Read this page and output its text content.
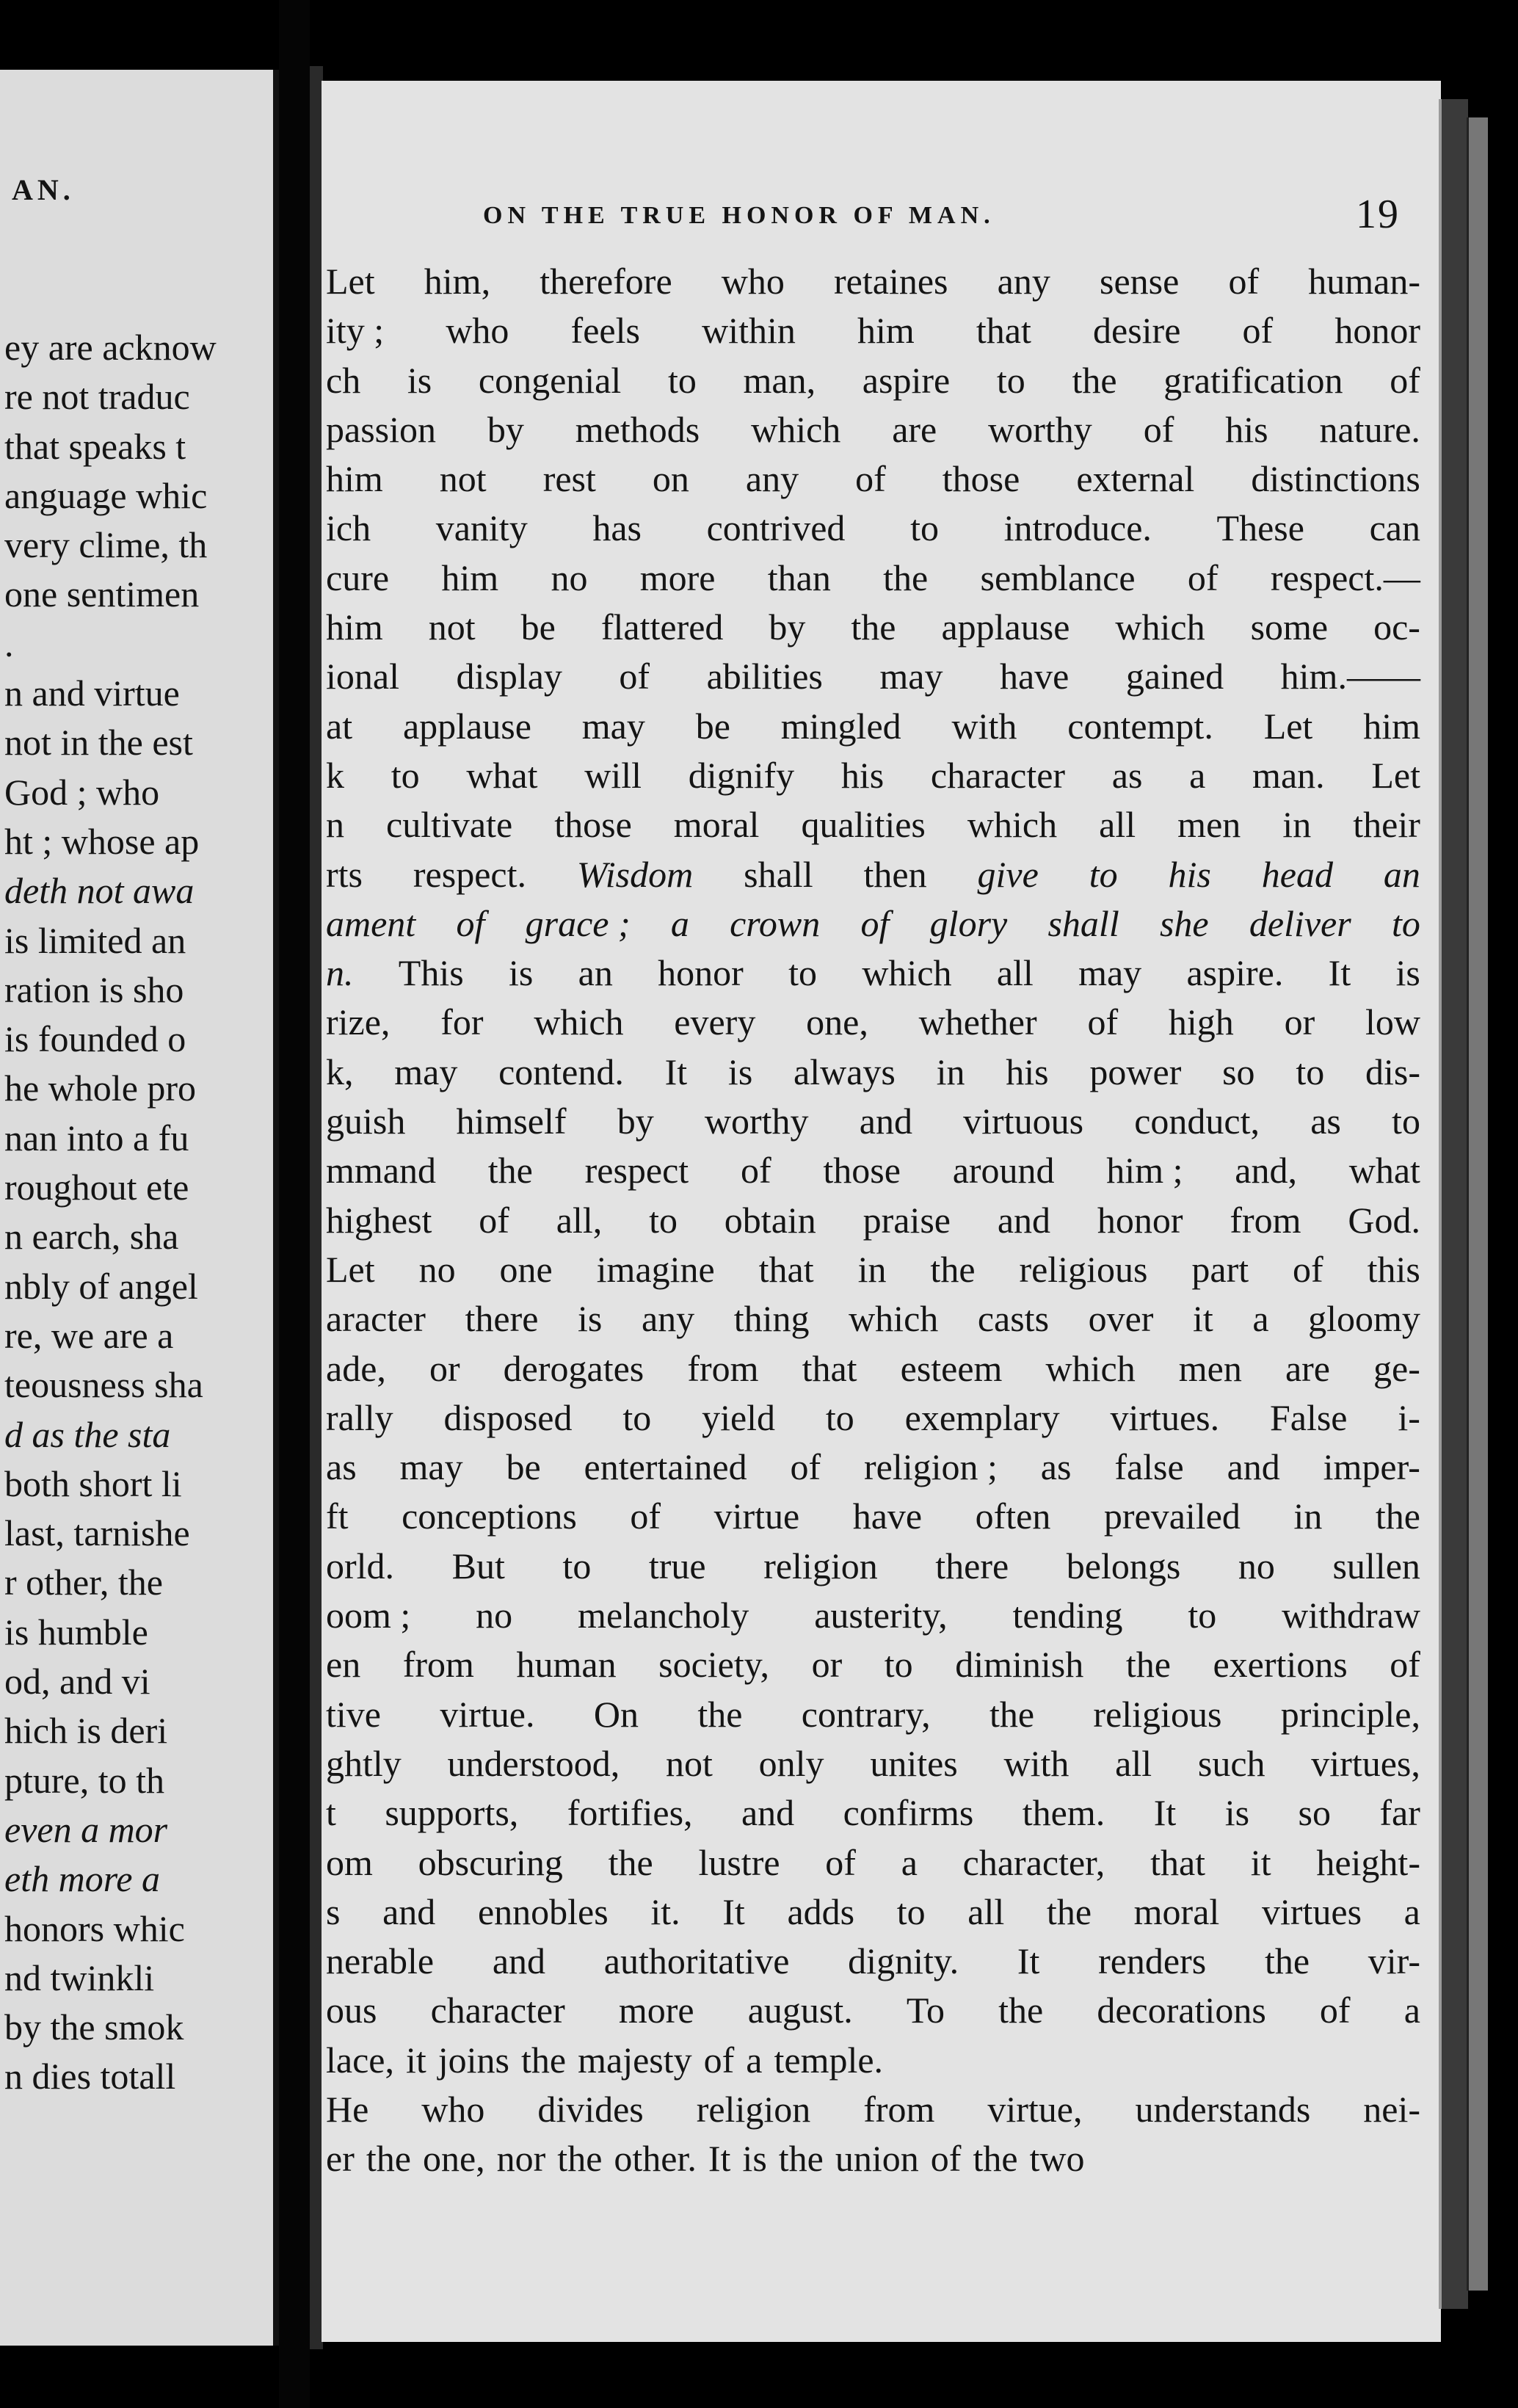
AN.
ey are acknow
re not traduc
that speaks t
anguage whic
very clime, th
one sentimen
.
n and virtue
not in the est
God ; who
ht ; whose ap
deth not awa
is limited an
ration is sho
is founded o
he whole pro
nan into a fu
roughout ete
n earch, sha
nbly of angel
re, we are a
teousness sha
d as the sta
both short li
last, tarnishe
r other, the
is humble
od, and vi
hich is deri
pture, to th
even a mor
eth more a
honors whic
nd twinkli
by the smok
n dies totall
ON THE TRUE HONOR OF MAN.	19
Let him, therefore who retaines any sense of human-
ity ; who feels within him that desire of honor
ch is congenial to man, aspire to the gratification of
passion by methods which are worthy of his nature.
him not rest on any of those external distinctions
ich vanity has contrived to introduce. These can
cure him no more than the semblance of respect.—
him not be flattered by the applause which some oc-
ional display of abilities may have gained him.——
at applause may be mingled with contempt. Let him
k to what will dignify his character as a man. Let
n cultivate those moral qualities which all men in their
rts respect. Wisdom shall then give to his head an
ament of grace ; a crown of glory shall she deliver to
n. This is an honor to which all may aspire. It is
rize, for which every one, whether of high or low
k, may contend. It is always in his power so to dis-
guish himself by worthy and virtuous conduct, as to
mmand the respect of those around him ; and, what
highest of all, to obtain praise and honor from God.
Let no one imagine that in the religious part of this
aracter there is any thing which casts over it a gloomy
ade, or derogates from that esteem which men are ge-
rally disposed to yield to exemplary virtues. False i-
as may be entertained of religion ; as false and imper-
ft conceptions of virtue have often prevailed in the
orld. But to true religion there belongs no sullen
oom ; no melancholy austerity, tending to withdraw
en from human society, or to diminish the exertions of
tive virtue. On the contrary, the religious principle,
ghtly understood, not only unites with all such virtues,
t supports, fortifies, and confirms them. It is so far
om obscuring the lustre of a character, that it height-
s and ennobles it. It adds to all the moral virtues a
nerable and authoritative dignity. It renders the vir-
ous character more august. To the decorations of a
lace, it joins the majesty of a temple.
He who divides religion from virtue, understands nei-
er the one, nor the other. It is the union of the two
